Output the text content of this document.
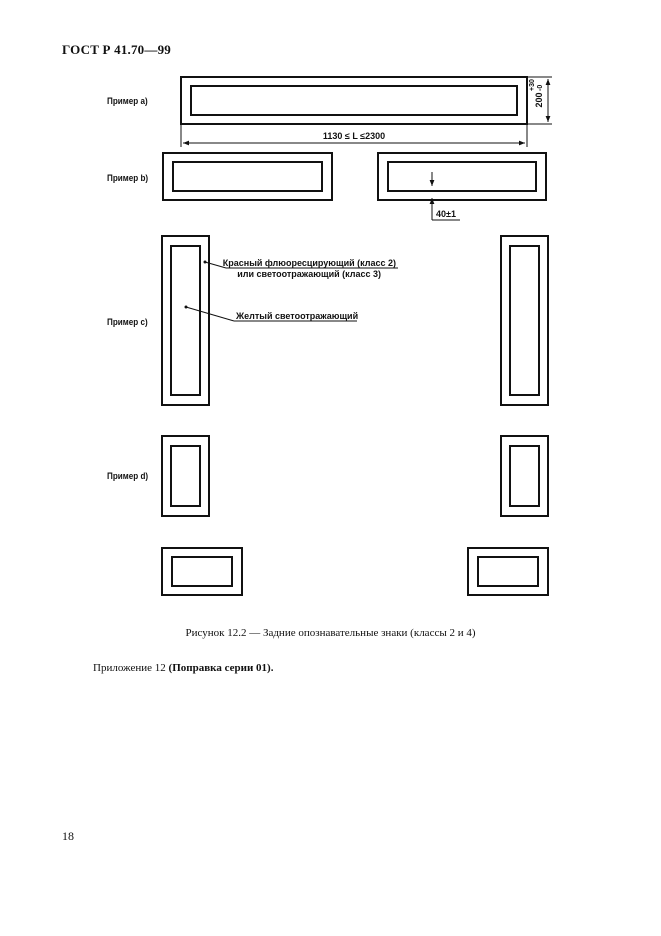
ГОСТ Р 41.70—99
200
+30 -0
1130 ≤ L ≤2300
40±1
Красный флюоресцирующий (класс 2)
или светоотражающий (класс 3)
Желтый светоотражающий
Пример a)
Пример b)
Пример c)
Пример d)
Рисунок 12.2 — Задние опознавательные знаки (классы 2 и 4)
Приложение 12 (Поправка серии 01).
18
